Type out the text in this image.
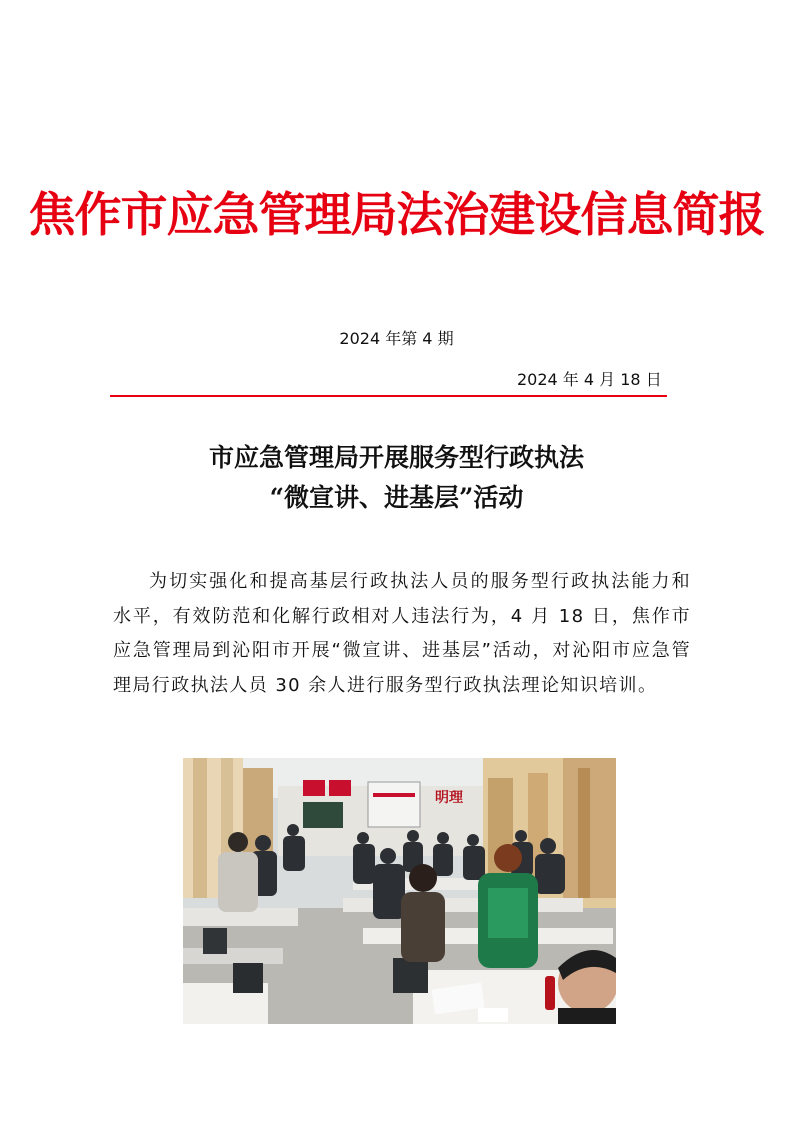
焦作市应急管理局法治建设信息简报
2024 年第 4 期
2024 年 4 月 18 日
市应急管理局开展服务型行政执法
“微宣讲、进基层”活动
为切实强化和提高基层行政执法人员的服务型行政执法能力和水平，有效防范和化解行政相对人违法行为，4 月 18 日，焦作市应急管理局到沁阳市开展“微宣讲、进基层”活动，对沁阳市应急管理局行政执法人员 30 余人进行服务型行政执法理论知识培训。
明理
